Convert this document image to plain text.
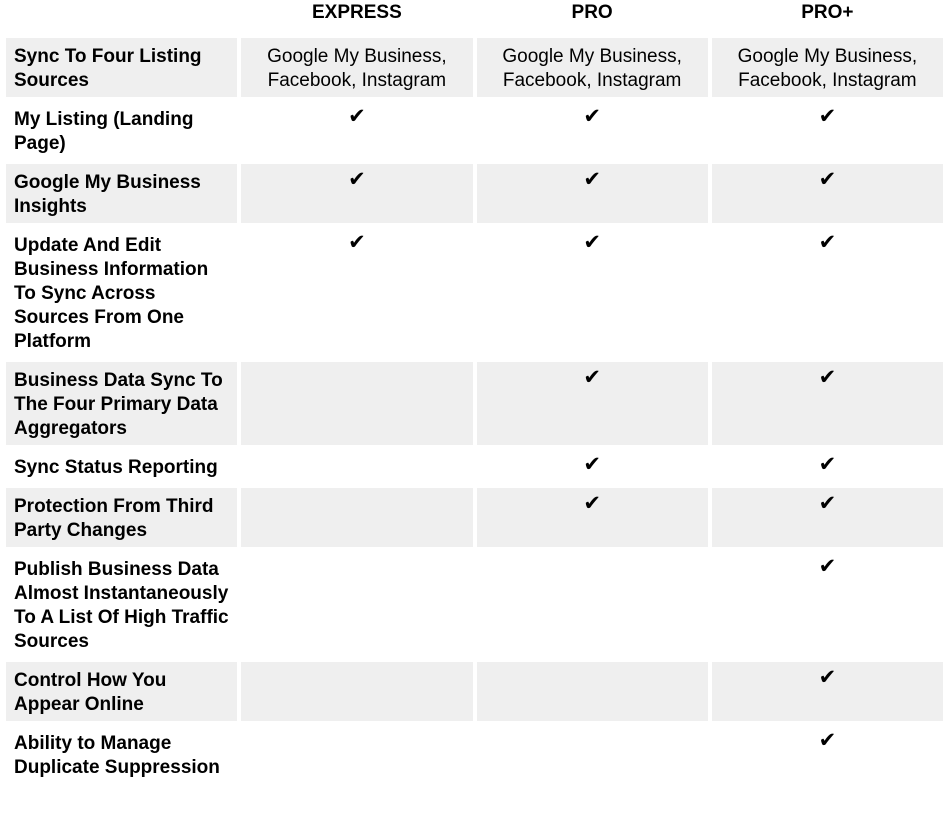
	EXPRESS	PRO	PRO+
Sync To Four Listing Sources	Google My Business, Facebook, Instagram	Google My Business, Facebook, Instagram	Google My Business, Facebook, Instagram
My Listing (Landing Page)	✔	✔	✔
Google My Business Insights	✔	✔	✔
Update And Edit Business Information To Sync Across Sources From One Platform	✔	✔	✔
Business Data Sync To The Four Primary Data Aggregators		✔	✔
Sync Status Reporting		✔	✔
Protection From Third Party Changes		✔	✔
Publish Business Data Almost Instantaneously To A List Of High Traffic Sources			✔
Control How You Appear Online			✔
Ability to Manage Duplicate Suppression			✔
